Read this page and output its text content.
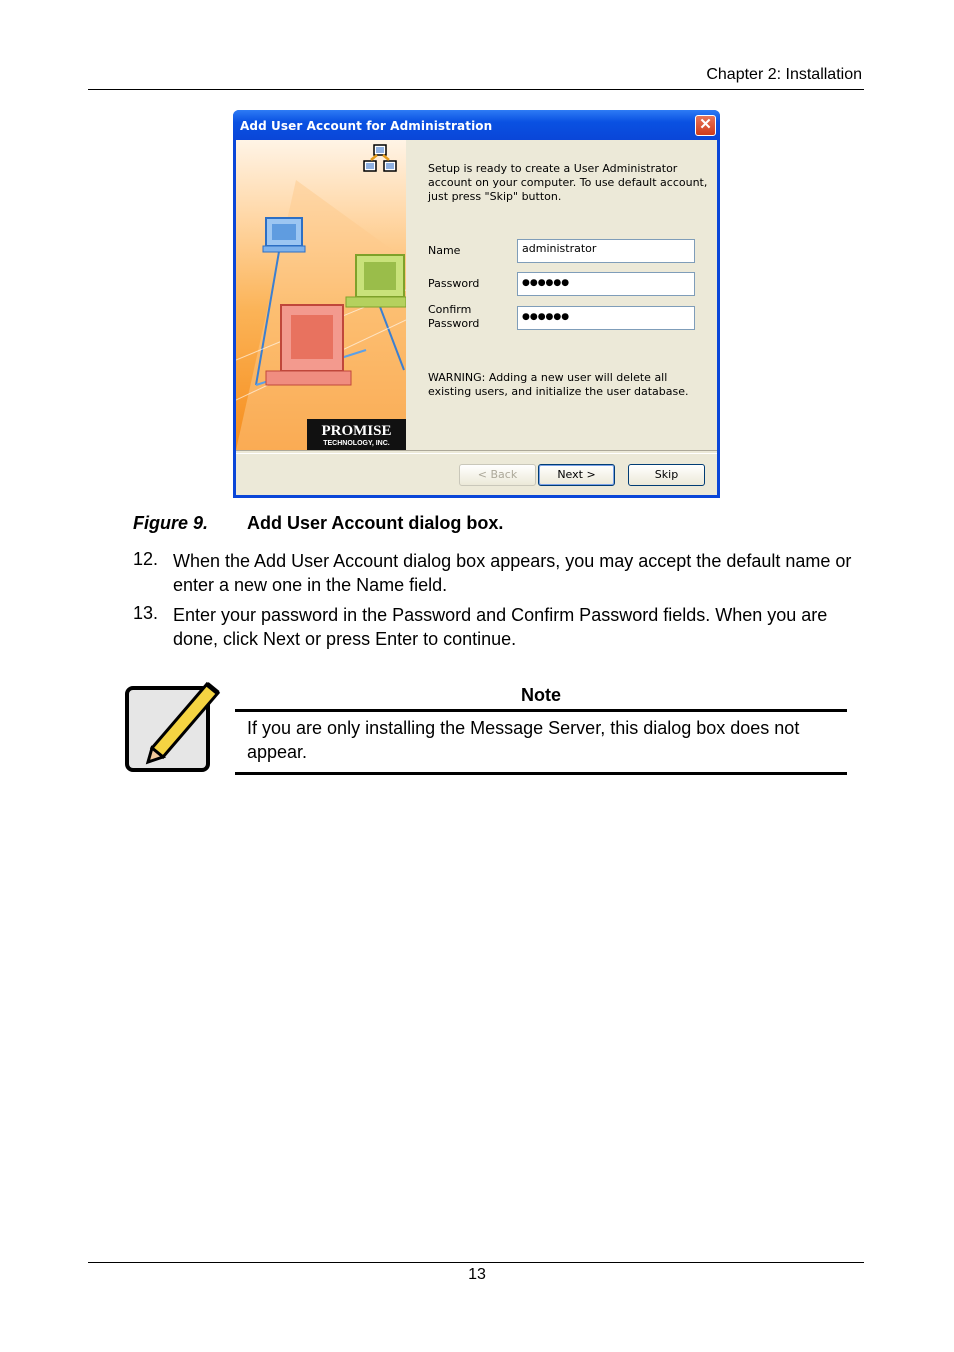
Chapter 2: Installation
Add User Account for Administration	✕
PROMISE
TECHNOLOGY, INC.
Setup is ready to create a User Administrator account on your computer. To use default account, just press "Skip" button.
Name	administrator
Password	●●●●●●
Confirm
Password	●●●●●●
WARNING: Adding a new user will delete all existing users, and initialize the user database.
< Back	Next >	Skip
Figure 9. Add User Account dialog box.
12. When the Add User Account dialog box appears, you may accept the default name or enter a new one in the Name field.
13. Enter your password in the Password and Confirm Password fields. When you are done, click Next or press Enter to continue.
Note
If you are only installing the Message Server, this dialog box does not appear.
13
